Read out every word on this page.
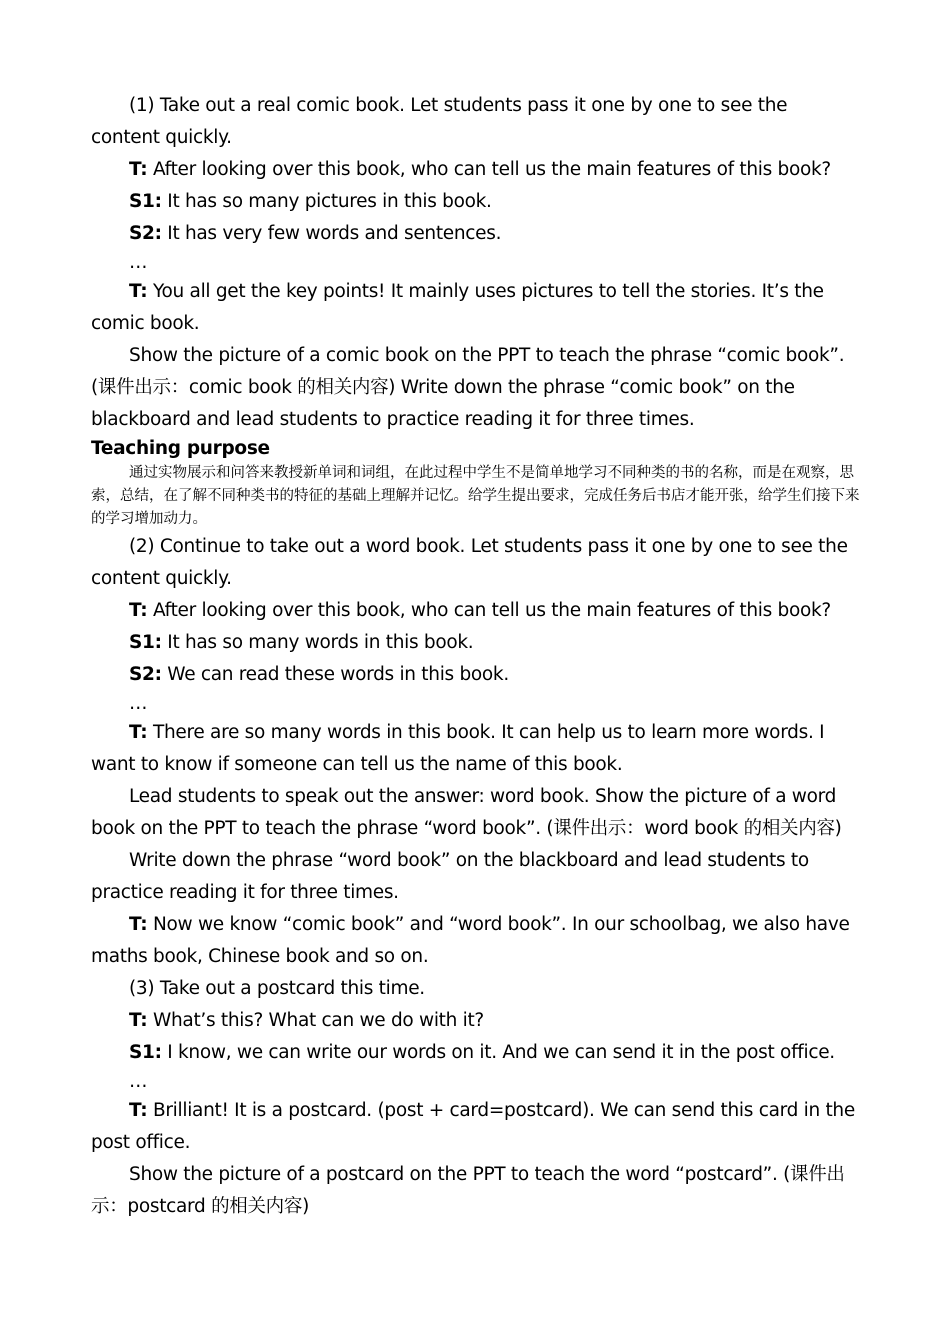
(1) Take out a real comic book. Let students pass it one by one to see the content quickly.

T: After looking over this book, who can tell us the main features of this book?

S1: It has so many pictures in this book.

S2: It has very few words and sentences.

…

T: You all get the key points! It mainly uses pictures to tell the stories. It’s the comic book.

Show the picture of a comic book on the PPT to teach the phrase “comic book”.

(课件出示：comic book 的相关内容) Write down the phrase “comic book” on the blackboard and lead students to practice reading it for three times.

Teaching purpose

通过实物展示和问答来教授新单词和词组，在此过程中学生不是简单地学习不同种类的书的名称，而是在观察，思索，总结，在了解不同种类书的特征的基础上理解并记忆。给学生提出要求，完成任务后书店才能开张，给学生们接下来的学习增加动力。

(2) Continue to take out a word book. Let students pass it one by one to see the content quickly.

T: After looking over this book, who can tell us the main features of this book?

S1: It has so many words in this book.

S2: We can read these words in this book.

…

T: There are so many words in this book. It can help us to learn more words. I want to know if someone can tell us the name of this book.

Lead students to speak out the answer: word book. Show the picture of a word book on the PPT to teach the phrase “word book”. (课件出示：word book 的相关内容)

Write down the phrase “word book” on the blackboard and lead students to practice reading it for three times.

T: Now we know “comic book” and “word book”. In our schoolbag, we also have maths book, Chinese book and so on.

(3) Take out a postcard this time.

T: What’s this? What can we do with it?

S1: I know, we can write our words on it. And we can send it in the post office.

…

T: Brilliant! It is a postcard. (post + card=postcard). We can send this card in the post office.

Show the picture of a postcard on the PPT to teach the word “postcard”. (课件出示：postcard 的相关内容)
